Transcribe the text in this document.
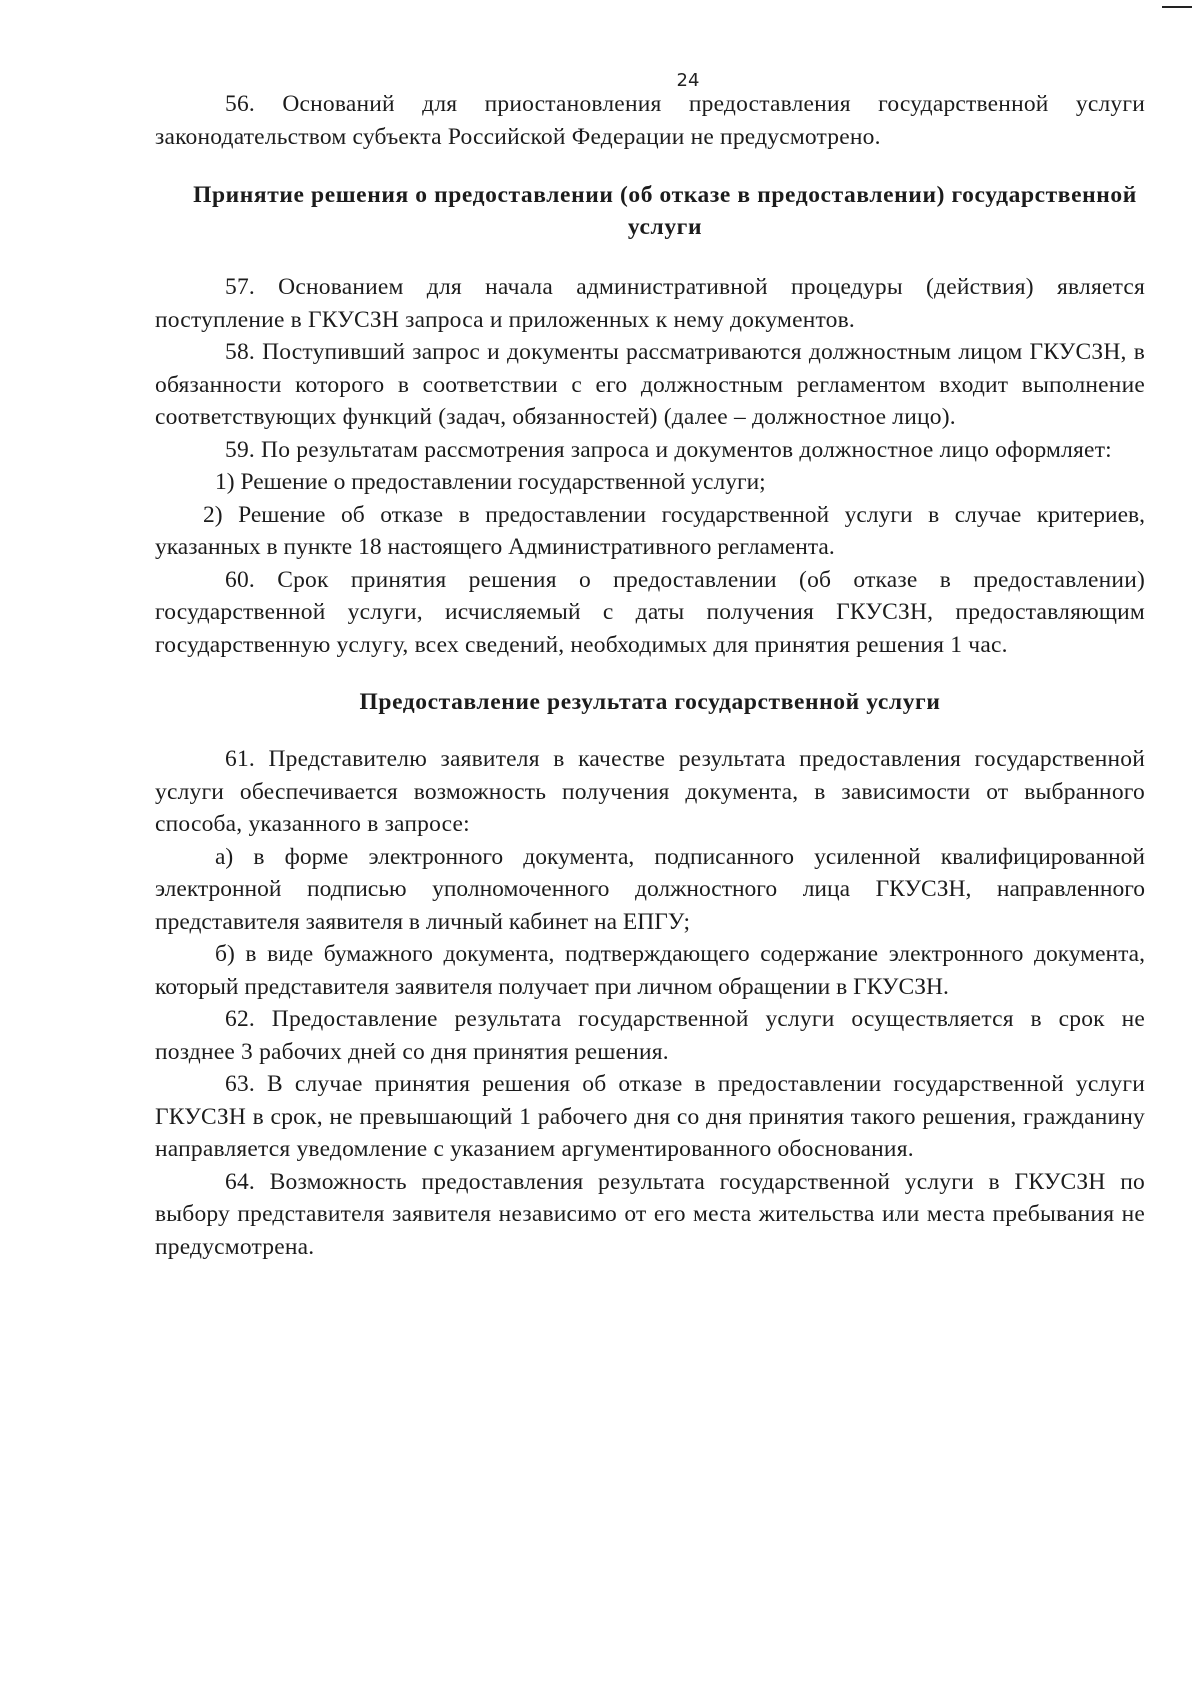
24

56. Оснований для приостановления предоставления государственной услуги законодательством субъекта Российской Федерации не предусмотрено.

Принятие решения о предоставлении (об отказе в предоставлении) государственной услуги

57. Основанием для начала административной процедуры (действия) является поступление в ГКУСЗН запроса и приложенных к нему документов.

58. Поступивший запрос и документы рассматриваются должностным лицом ГКУСЗН, в обязанности которого в соответствии с его должностным регламентом входит выполнение соответствующих функций (задач, обязанностей) (далее – должностное лицо).

59. По результатам рассмотрения запроса и документов должностное лицо оформляет:

1) Решение о предоставлении государственной услуги;

2) Решение об отказе в предоставлении государственной услуги в случае критериев, указанных в пункте 18 настоящего Административного регламента.

60. Срок принятия решения о предоставлении (об отказе в предоставлении) государственной услуги, исчисляемый с даты получения ГКУСЗН, предоставляющим государственную услугу, всех сведений, необходимых для принятия решения 1 час.

Предоставление результата государственной услуги

61. Представителю заявителя в качестве результата предоставления государственной услуги обеспечивается возможность получения документа, в зависимости от выбранного способа, указанного в запросе:

а) в форме электронного документа, подписанного усиленной квалифицированной электронной подписью уполномоченного должностного лица ГКУСЗН, направленного представителя заявителя в личный кабинет на ЕПГУ;

б) в виде бумажного документа, подтверждающего содержание электронного документа, который представителя заявителя получает при личном обращении в ГКУСЗН.

62. Предоставление результата государственной услуги осуществляется в срок не позднее 3 рабочих дней со дня принятия решения.

63. В случае принятия решения об отказе в предоставлении государственной услуги ГКУСЗН в срок, не превышающий 1 рабочего дня со дня принятия такого решения, гражданину направляется уведомление с указанием аргументированного обоснования.

64. Возможность предоставления результата государственной услуги в ГКУСЗН по выбору представителя заявителя независимо от его места жительства или места пребывания не предусмотрена.
